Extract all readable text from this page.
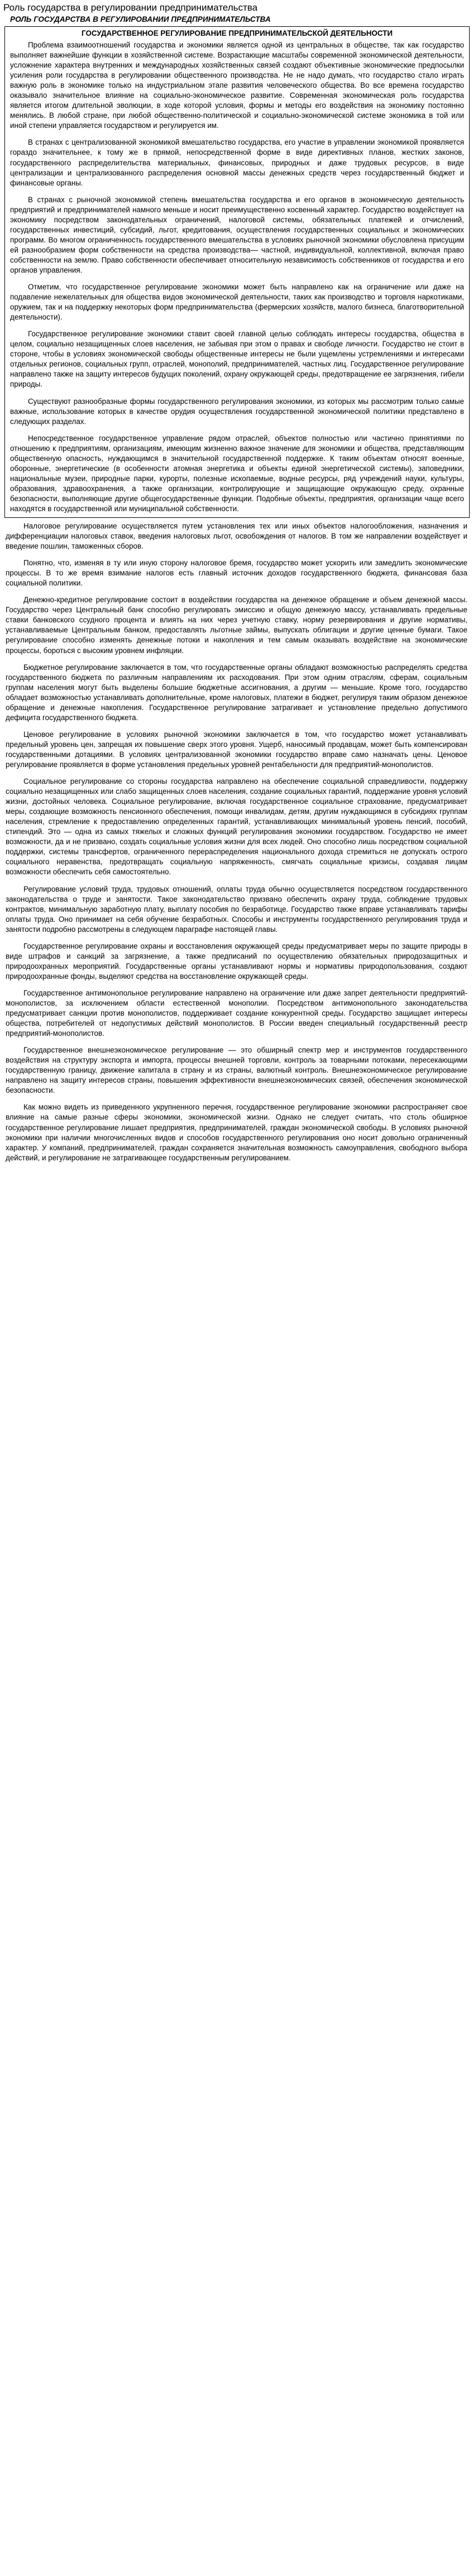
Роль государства в регулировании предпринимательства
РОЛЬ ГОСУДАРСТВА В РЕГУЛИРОВАНИИ ПРЕДПРИНИМАТЕЛЬСТВА
ГОСУДАРСТВЕННОЕ РЕГУЛИРОВАНИЕ ПРЕДПРИНИМАТЕЛЬСКОЙ ДЕЯТЕЛЬНОСТИ

Проблема взаимоотношений государства и экономики является одной из центральных в обществе, так как государство выполняет важнейшие функции в хозяйственной системе. Возрастающие масштабы современной экономической деятельности, усложнение характера внутренних и международных хозяйственных связей создают объективные экономические предпосылки усиления роли государства в регулировании общественного производства. Не не надо думать, что государство стало играть важную роль в экономике только на индустриальном этапе развития человеческого общества. Во все времена государство оказывало значительное влияние на социально-экономическое развитие. Современная экономическая роль государства является итогом длительной эволюции, в ходе которой условия, формы и методы его воздействия на экономику постоянно менялись. В любой стране, при любой общественно-политической и социально-экономической системе экономика в той или иной степени управляется государством и регулируется им.

В странах с централизованной экономикой вмешательство государства, его участие в управлении экономикой проявляется гораздо значительнее, к тому же в прямой, непосредственной форме в виде директивных планов, жестких законов, государственного распределительства материальных, финансовых, природных и даже трудовых ресурсов, в виде централизации и централизованного распределения основной массы денежных средств через государственный бюджет и финансовые органы.

В странах с рыночной экономикой степень вмешательства государства и его органов в экономическую деятельность предприятий и предпринимателей намного меньше и носит преимущественно косвенный характер. Государство воздействует на экономику посредством законодательных ограничений, налоговой системы, обязательных платежей и отчислений, государственных инвестиций, субсидий, льгот, кредитования, осуществления государственных социальных и экономических программ. Во многом ограниченность государственного вмешательства в условиях рыночной экономики обусловлена присущим ей разнообразием форм собственности на средства производства— частной, индивидуальной, коллективной, включая право собственности на землю. Право собственности обеспечивает относительную независимость собственников от государства и его органов управления.

Отметим, что государственное регулирование экономики может быть направлено как на ограничение или даже на подавление нежелательных для общества видов экономической деятельности, таких как производство и торговля наркотиками, оружием, так и на поддержку некоторых форм предпринимательства (фермерских хозяйств, малого бизнеса, благотворительной деятельности).

Государственное регулирование экономики ставит своей главной целью соблюдать интересы государства, общества в целом, социально незащищенных слоев населения, не забывая при этом о правах и свободе личности. Государство не стоит в стороне, чтобы в условиях экономической свободы общественные интересы не были ущемлены устремлениями и интересами отдельных регионов, социальных групп, отраслей, монополий, предпринимателей, частных лиц. Государственное регулирование направлено также на защиту интересов будущих поколений, охрану окружающей среды, предотвращение ее загрязнения, гибели природы.

Существуют разнообразные формы государственного регулирования экономики, из которых мы рассмотрим только самые важные, использование которых в качестве орудия осуществления государственной экономической политики представлено в следующих разделах.

Непосредственное государственное управление рядом отраслей, объектов полностью или частично принятиями по отношению к предприятиям, организациям, имеющим жизненно важное значение для экономики и общества, представляющим общественную опасность, нуждающимся в значительной государственной поддержке. К таким объектам относят военные, оборонные, энергетические (в особенности атомная энергетика и объекты единой энергетической системы), заповедники, национальные музеи, природные парки, курорты, полезные ископаемые, водные ресурсы, ряд учреждений науки, культуры, образования, здравоохранения, а также организации, контролирующие и защищающие окружающую среду, охранные безопасности, выполняющие другие общегосударственные функции. Подобные объекты, предприятия, организации чаще всего находятся в государственной или муниципальной собственности.

Налоговое регулирование осуществляется путем установления тех или иных объектов налогообложения, назначения и дифференциации налоговых ставок, введения налоговых льгот, освобождения от налогов. В том же направлении воздействует и введение пошлин, таможенных сборов.

Понятно, что, изменяя в ту или иную сторону налоговое бремя, государство может ускорить или замедлить экономические процессы. В то же время взимание налогов есть главный источник доходов государственного бюджета, финансовая база социальной политики.

Денежно-кредитное регулирование состоит в воздействии государства на денежное обращение и объем денежной массы. Государство через Центральный банк способно регулировать эмиссию и общую денежную массу, устанавливать предельные ставки банковского ссудного процента и влиять на них через учетную ставку, норму резервирования и другие нормативы, устанавливаемые Центральным банком, предоставлять льготные займы, выпускать облигации и другие ценные бумаги. Такое регулирование способно изменять денежные потоки и накопления и тем самым оказывать воздействие на экономические процессы, бороться с высоким уровнем инфляции.

Бюджетное регулирование заключается в том, что государственные органы обладают возможностью распределять средства государственного бюджета по различным направлениям их расходования. При этом одним отраслям, сферам, социальным группам населения могут быть выделены большие бюджетные ассигнования, а другим — меньшие. Кроме того, государство обладает возможностью устанавливать дополнительные, кроме налоговых, платежи в бюджет, регулируя таким образом денежное обращение и денежные накопления. Государственное регулирование затрагивает и установление предельно допустимого дефицита государственного бюджета.

Ценовое регулирование в условиях рыночной экономики заключается в том, что государство может устанавливать предельный уровень цен, запрещая их повышение сверх этого уровня. Ущерб, наносимый продавцам, может быть компенсирован государственными дотациями. В условиях централизованной экономики государство вправе само назначать цены. Ценовое регулирование проявляется в форме установления предельных уровней рентабельности для предприятий-монополистов.

Социальное регулирование со стороны государства направлено на обеспечение социальной справедливости, поддержку социально незащищенных или слабо защищенных слоев населения, создание социальных гарантий, поддержание уровня условий жизни, достойных человека. Социальное регулирование, включая государственное социальное страхование, предусматривает меры, создающие возможность пенсионного обеспечения, помощи инвалидам, детям, другим нуждающимся в субсидиях группам населения, стремление к предоставлению определенных гарантий, устанавливающих минимальный уровень пенсий, пособий, стипендий. Это — одна из самых тяжелых и сложных функций регулирования экономики государством. Государство не имеет возможности, да и не призвано, создать социальные условия жизни для всех людей. Оно способно лишь посредством социальной поддержки, системы трансфертов, ограниченного перераспределения национального дохода стремиться не допускать острого социального неравенства, предотвращать социальную напряженность, смягчать социальные кризисы, создавая лицам возможности обеспечить себя самостоятельно.

Регулирование условий труда, трудовых отношений, оплаты труда обычно осуществляется посредством государственного законодательства о труде и занятости. Такое законодательство призвано обеспечить охрану труда, соблюдение трудовых контрактов, минимальную заработную плату, выплату пособия по безработице. Государство также вправе устанавливать тарифы оплаты труда. Оно принимает на себя обучение безработных. Способы и инструменты государственного регулирования труда и занятости подробно рассмотрены в следующем параграфе настоящей главы.

Государственное регулирование охраны и восстановления окружающей среды предусматривает меры по защите природы в виде штрафов и санкций за загрязнение, а также предписаний по осуществлению обязательных природозащитных и природоохранных мероприятий. Государственные органы устанавливают нормы и нормативы природопользования, создают природоохранные фонды, выделяют средства на восстановление окружающей среды.

Государственное антимонопольное регулирование направлено на ограничение или даже запрет деятельности предприятий-монополистов, за исключением области естественной монополии. Посредством антимонопольного законодательства предусматривает санкции против монополистов, поддерживает создание конкурентной среды. Государство защищает интересы общества, потребителей от недопустимых действий монополистов. В России введен специальный государственный реестр предприятий-монополистов.

Государственное внешнеэкономическое регулирование — это обширный спектр мер и инструментов государственного воздействия на структуру экспорта и импорта, процессы внешней торговли, контроль за товарными потоками, пересекающими государственную границу, движение капитала в страну и из страны, валютный контроль. Внешнеэкономическое регулирование направлено на защиту интересов страны, повышения эффективности внешнеэкономических связей, обеспечения экономической безопасности.

Как можно видеть из приведенного укрупненного перечня, государственное регулирование экономики распространяет свое влияние на самые разные сферы экономики, экономической жизни. Однако не следует считать, что столь обширное государственное регулирование лишает предприятия, предпринимателей, граждан экономической свободы. В условиях рыночной экономики при наличии многочисленных видов и способов государственного регулирования оно носит довольно ограниченный характер. У компаний, предпринимателей, граждан сохраняется значительная возможность самоуправления, свободного выбора действий, и регулирование не затрагивающее государственным регулированием.
